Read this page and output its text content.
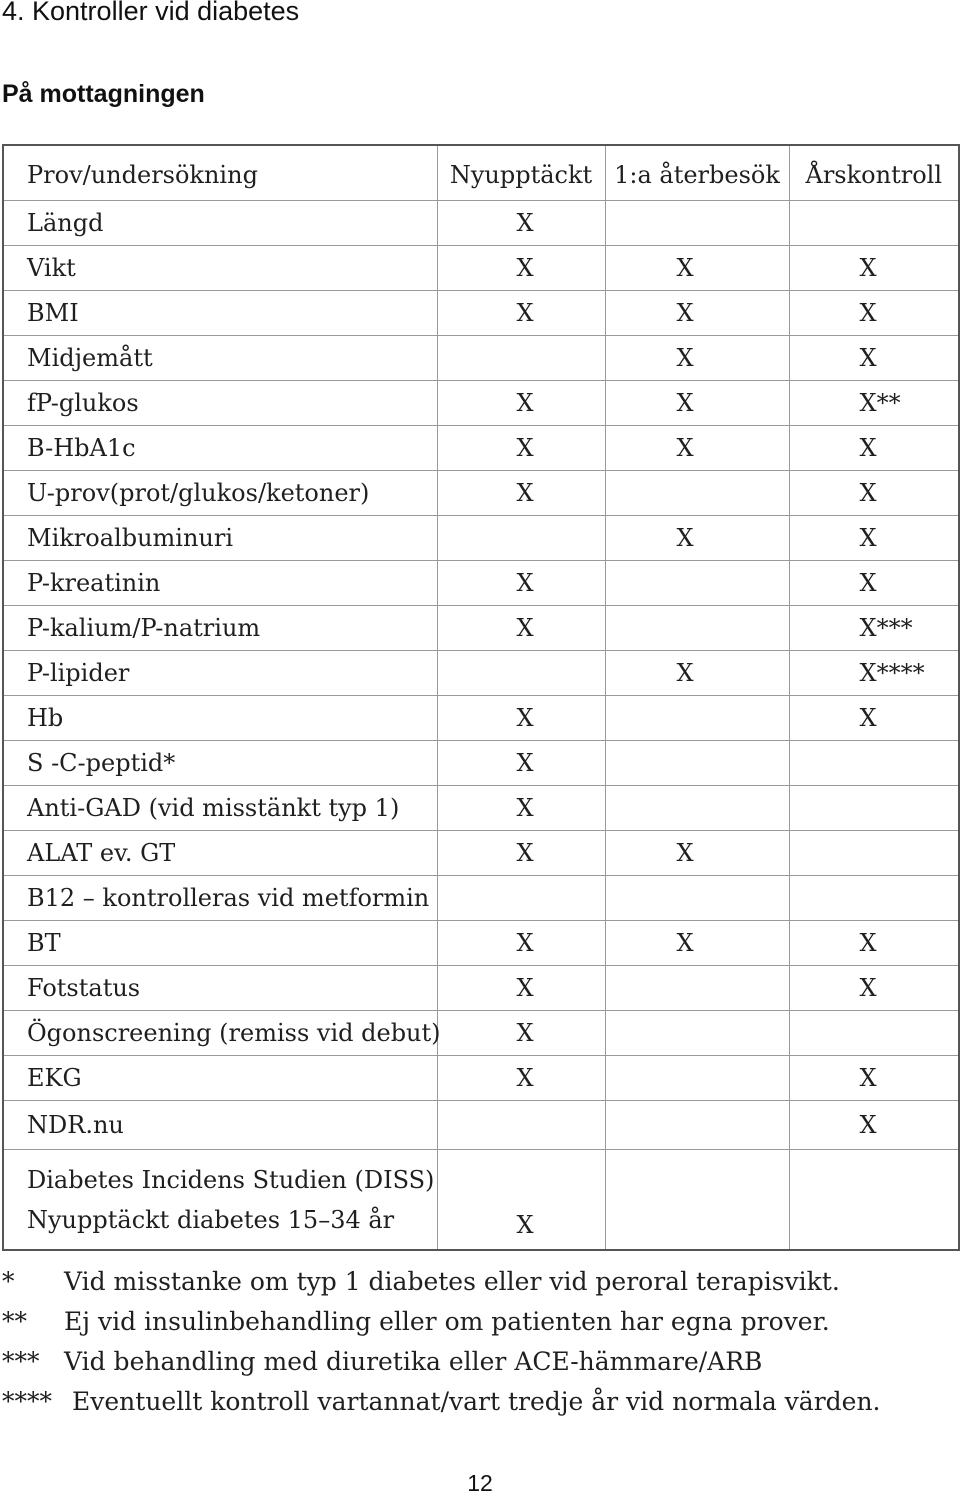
4. Kontroller vid diabetes
På mottagningen
Prov/undersökning	Nyupptäckt	1:a återbesök	Årskontroll
Längd	X		
Vikt	X	X	X
BMI	X	X	X
Midjemått		X	X
fP-glukos	X	X	X**
B-HbA1c	X	X	X
U-prov(prot/glukos/ketoner)	X		X
Mikroalbuminuri		X	X
P-kreatinin	X		X
P-kalium/P-natrium	X		X***
P-lipider		X	X****
Hb	X		X
S -C-peptid*	X		
Anti-GAD (vid misstänkt typ 1)	X		
ALAT ev. GT	X	X	
B12 – kontrolleras vid metformin			
BT	X	X	X
Fotstatus	X		X
Ögonscreening (remiss vid debut)	X		
EKG	X		X
NDR.nu			X

Diabetes Incidens Studien (DISS)
Nyupptäckt diabetes 15–34 år	X		
* Vid misstanke om typ 1 diabetes eller vid peroral terapisvikt.
** Ej vid insulinbehandling eller om patienten har egna prover.
*** Vid behandling med diuretika eller ACE-hämmare/ARB
**** Eventuellt kontroll vartannat/vart tredje år vid normala värden.
12
